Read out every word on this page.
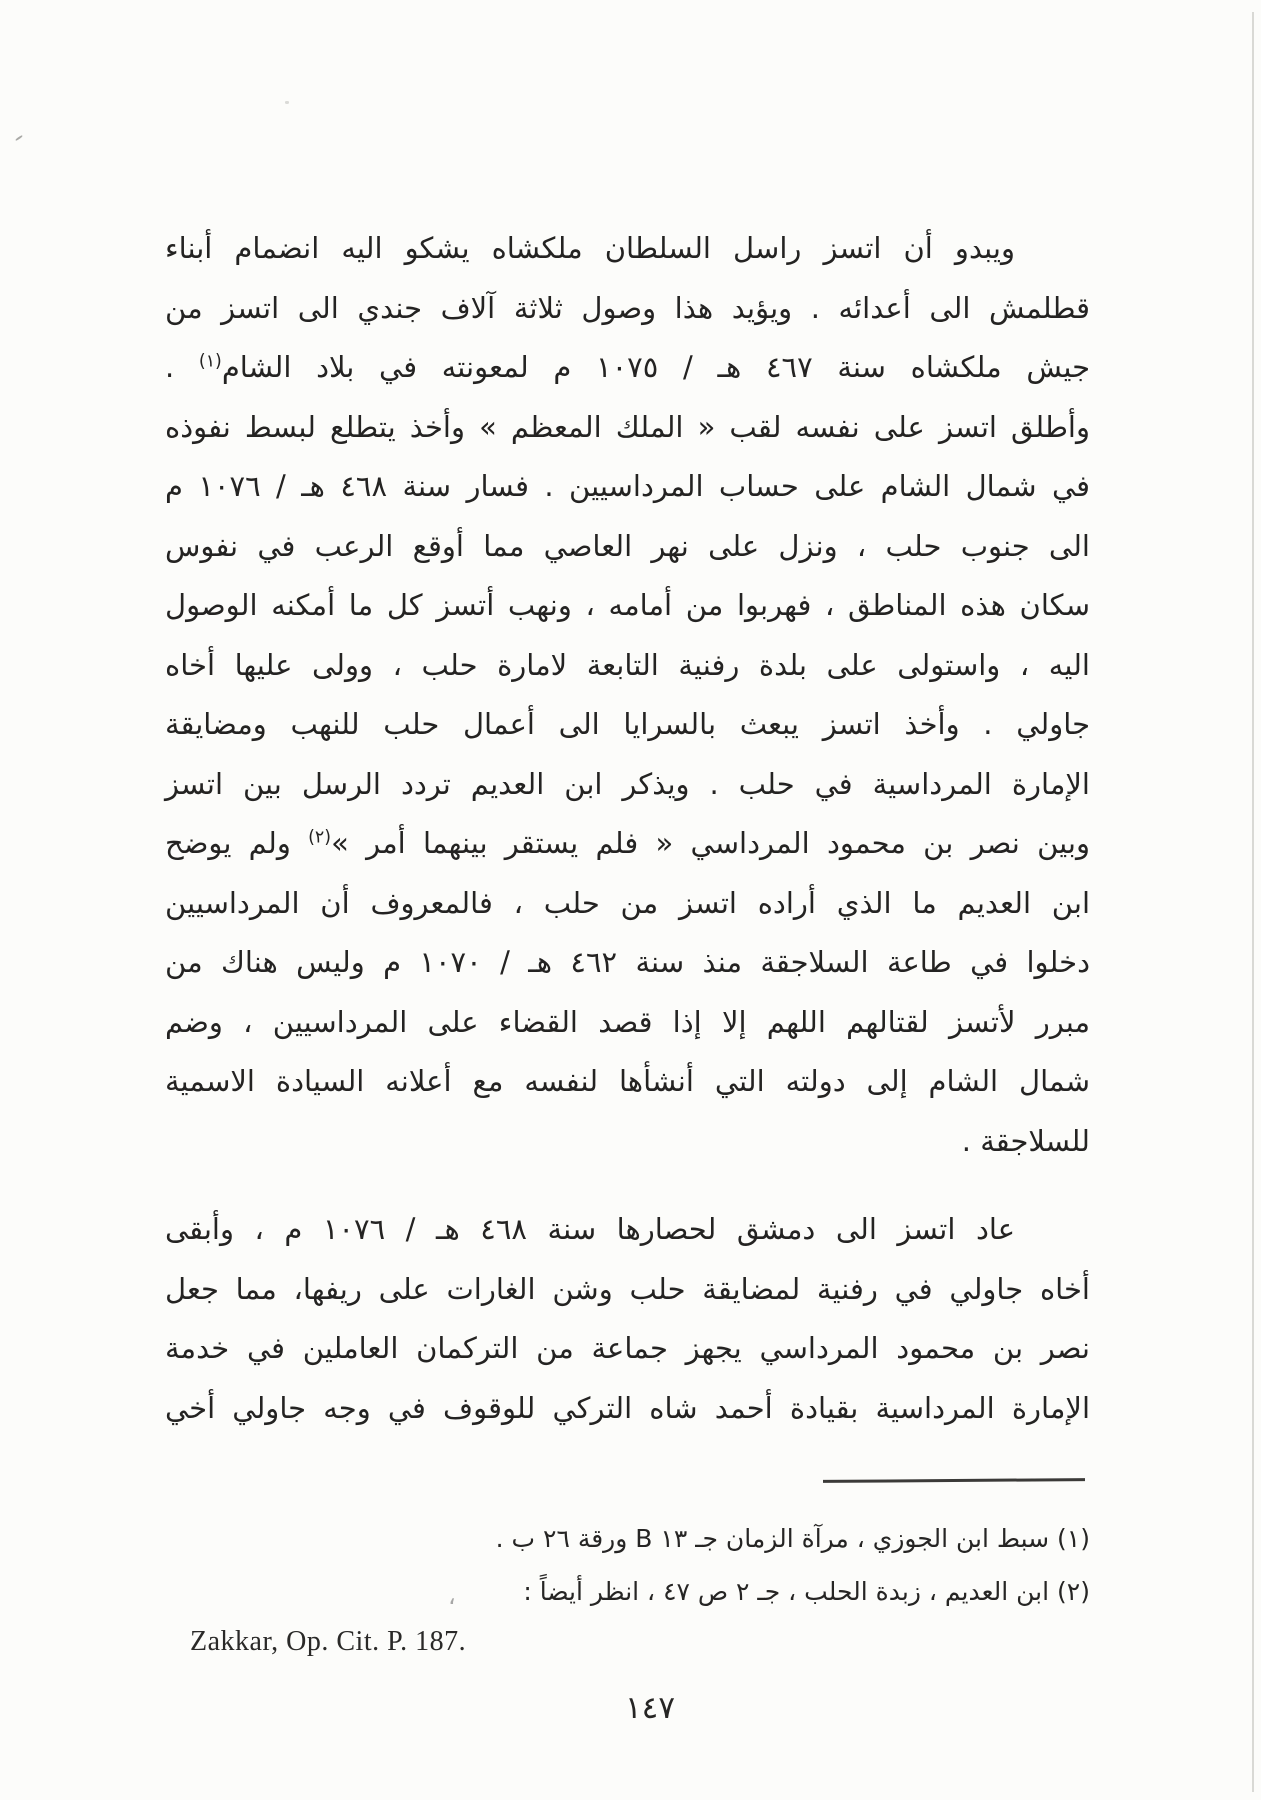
ويبدو أن اتسز راسل السلطان ملكشاه يشكو اليه انضمام أبناء
قطلمش الى أعدائه . ويؤيد هذا وصول ثلاثة آلاف جندي الى اتسز من
جيش ملكشاه سنة ٤٦٧ هـ / ١٠٧٥ م لمعونته في بلاد الشام$^{(١)}$ .
وأطلق اتسز على نفسه لقب « الملك المعظم » وأخذ يتطلع لبسط نفوذه
في شمال الشام على حساب المرداسيين . فسار سنة ٤٦٨ هـ / ١٠٧٦ م
الى جنوب حلب ، ونزل على نهر العاصي مما أوقع الرعب في نفوس
سكان هذه المناطق ، فهربوا من أمامه ، ونهب أتسز كل ما أمكنه الوصول
اليه ، واستولى على بلدة رفنية التابعة لامارة حلب ، وولى عليها أخاه
جاولي . وأخذ اتسز يبعث بالسرايا الى أعمال حلب للنهب ومضايقة
الإمارة المرداسية في حلب . ويذكر ابن العديم تردد الرسل بين اتسز
وبين نصر بن محمود المرداسي « فلم يستقر بينهما أمر »$^{(٢)}$ ولم يوضح
ابن العديم ما الذي أراده اتسز من حلب ، فالمعروف أن المرداسيين
دخلوا في طاعة السلاجقة منذ سنة ٤٦٢ هـ / ١٠٧٠ م وليس هناك من
مبرر لأتسز لقتالهم اللهم إلا إذا قصد القضاء على المرداسيين ، وضم
شمال الشام إلى دولته التي أنشأها لنفسه مع أعلانه السيادة الاسمية
للسلاجقة .
عاد اتسز الى دمشق لحصارها سنة ٤٦٨ هـ / ١٠٧٦ م ، وأبقى
أخاه جاولي في رفنية لمضايقة حلب وشن الغارات على ريفها، مما جعل
نصر بن محمود المرداسي يجهز جماعة من التركمان العاملين في خدمة
الإمارة المرداسية بقيادة أحمد شاه التركي للوقوف في وجه جاولي أخي
(١) سبط ابن الجوزي ، مرآة الزمان جـ ١٣ B ورقة ٢٦ ب .
(٢) ابن العديم ، زبدة الحلب ، جـ ٢ ص ٤٧ ، انظر أيضاً :
،
Zakkar, Op. Cit. P. 187.
١٤٧
